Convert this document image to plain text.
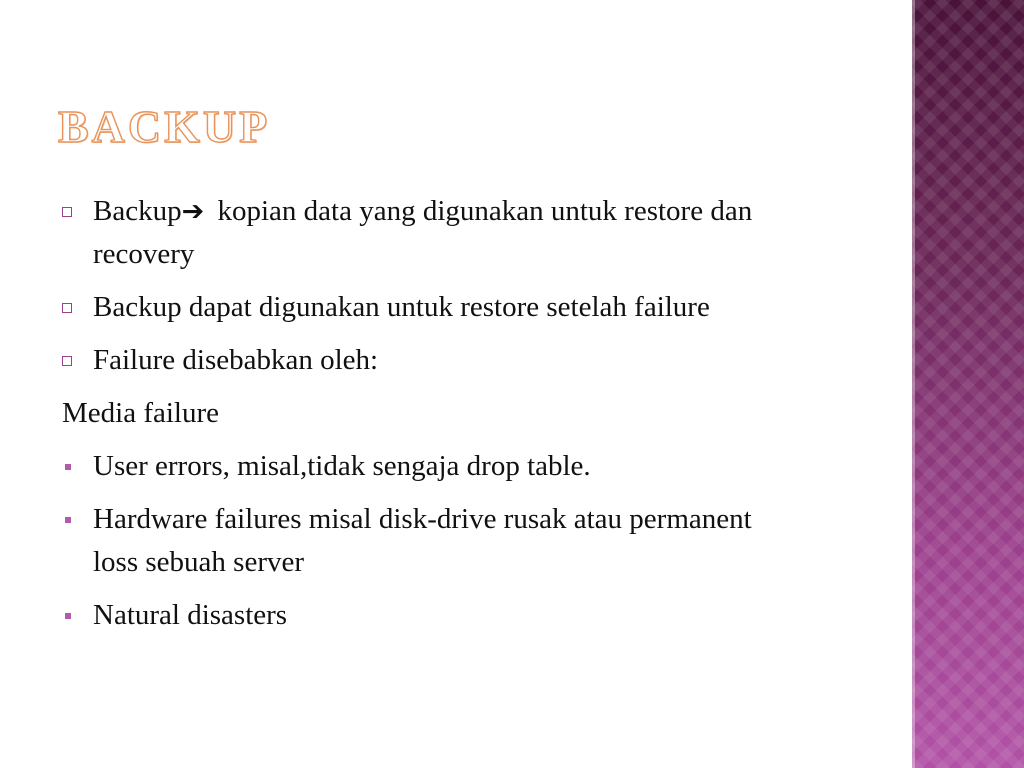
BACKUP

Backup➔ kopian data yang digunakan untuk restore dan recovery

Backup dapat digunakan untuk restore setelah failure

Failure disebabkan oleh:

Media failure

User errors, misal,tidak sengaja drop table.

Hardware failures misal disk-drive rusak atau permanent loss sebuah server

Natural disasters
